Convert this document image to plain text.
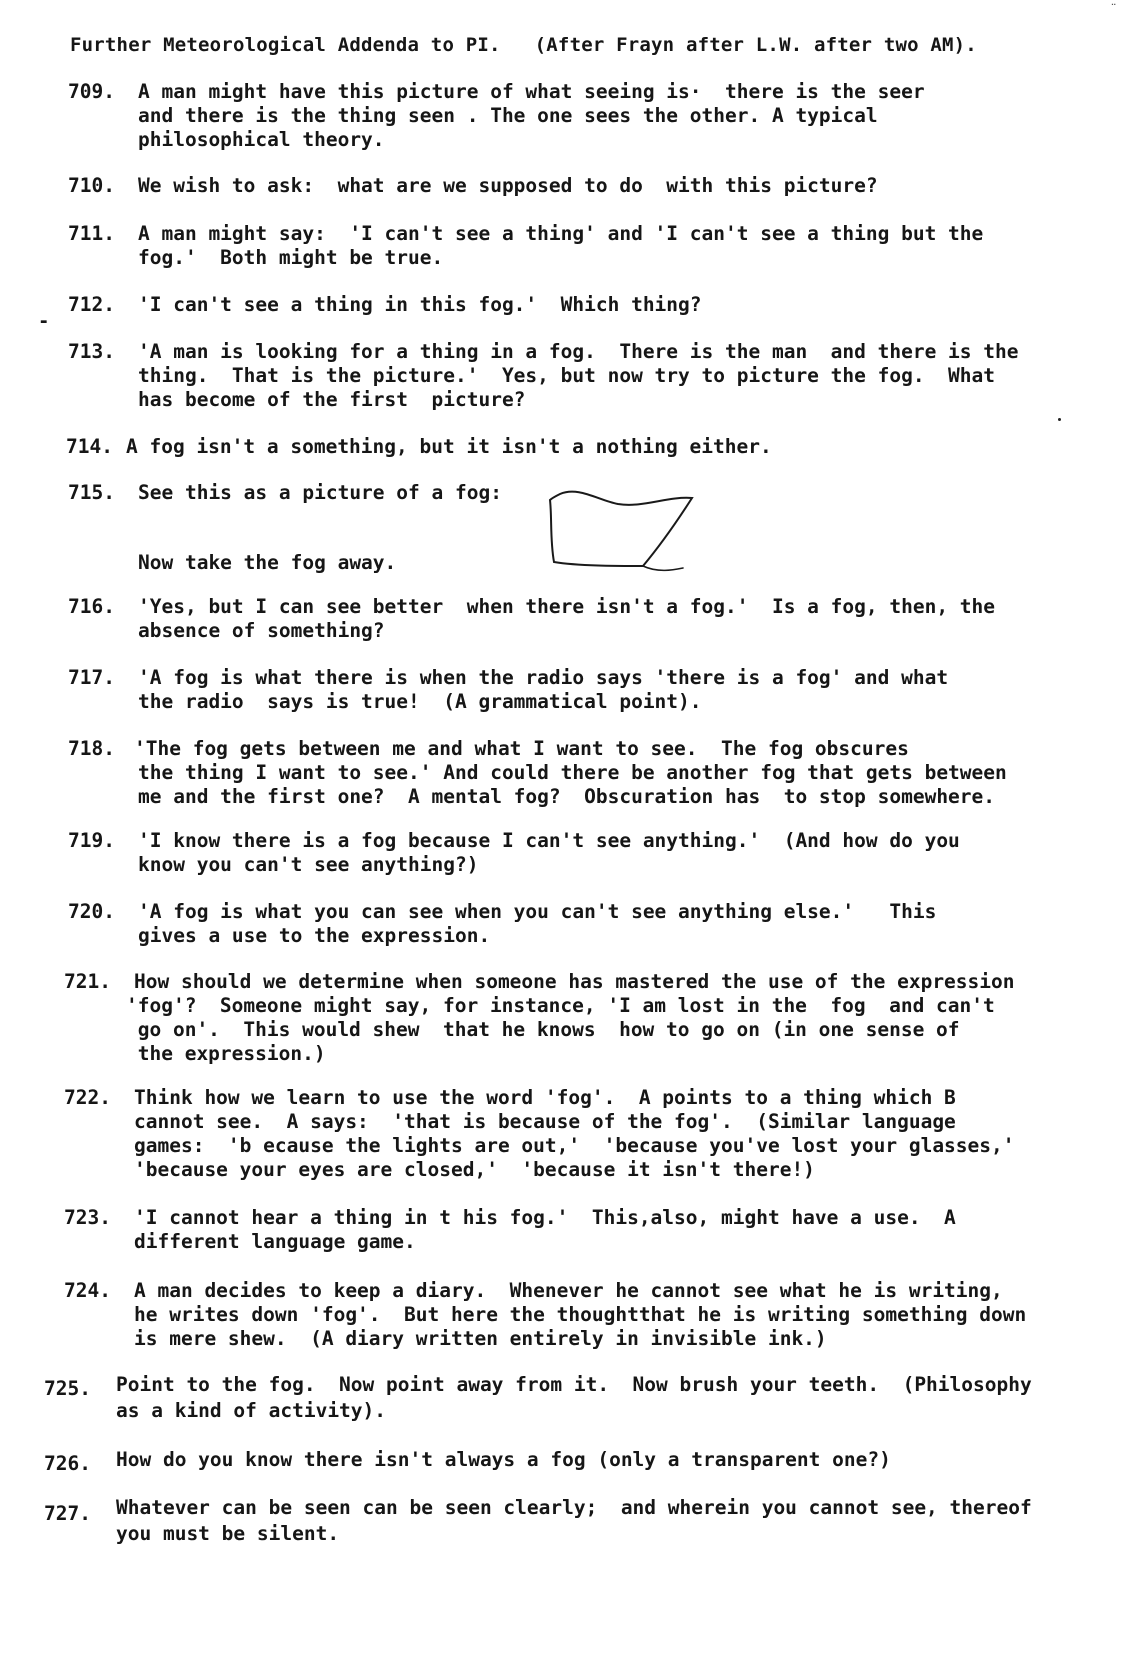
¨
Further Meteorological Addenda to PI. (After Frayn after L.W. after two AM).

709.

A man might have this picture of what seeing is·  there is the seer

and there is the thing seen . The one sees the other. A typical

philosophical theory.

710.

We wish to ask:  what are we supposed to do  with this picture?

711.

A man might say:  'I can't see a thing' and 'I can't see a thing but the

fog.'  Both might be true.

-

712.

'I can't see a thing in this fog.'  Which thing?

713.

'A man is looking for a thing in a fog.  There is the man  and there is the

thing.  That is the picture.'  Yes, but now try to picture the fog.  What

has become of the first  picture?

714.

A fog isn't a something, but it isn't a nothing either.

715.

See this as a picture of a fog:

Now take the fog away.

716.

'Yes, but I can see better  when there isn't a fog.'  Is a fog, then, the

absence of something?

717.

'A fog is what there is when the radio says 'there is a fog' and what

the radio  says is true!  (A grammatical point).

718.

'The fog gets between me and what I want to see.  The fog obscures

the thing I want to see.' And could there be another fog that gets between

me and the first one?  A mental fog?  Obscuration has  to stop somewhere.

719.

'I know there is a fog because I can't see anything.'  (And how do you

know you can't see anything?)

720.

'A fog is what you can see when you can't see anything else.'   This

gives a use to the expression.

721.

How should we determine when someone has mastered the use of the expression

'fog'?  Someone might say, for instance, 'I am lost in the  fog  and can't

go on'.  This would shew  that he knows  how to go on (in one sense of

the expression.)

722.

Think how we learn to use the word 'fog'.  A points to a thing which B

cannot see.  A says:  'that is because of the fog'.  (Similar language

games:  'b ecause the lights are out,'  'because you've lost your glasses,'

'because your eyes are closed,'  'because it isn't there!)

723.

'I cannot hear a thing in t his fog.'  This,also, might have a use.  A

different language game.

724.

A man decides to keep a diary.  Whenever he cannot see what he is writing,

he writes down 'fog'.  But here the thoughtthat he is writing something down

is mere shew.  (A diary written entirely in invisible ink.)

725.

Point to the fog.  Now point away from it.  Now brush your teeth.  (Philosophy

as a kind of activity).

726.

How do you know there isn't always a fog (only a transparent one?)

727.

Whatever can be seen can be seen clearly;  and wherein you cannot see, thereof

you must be silent.
